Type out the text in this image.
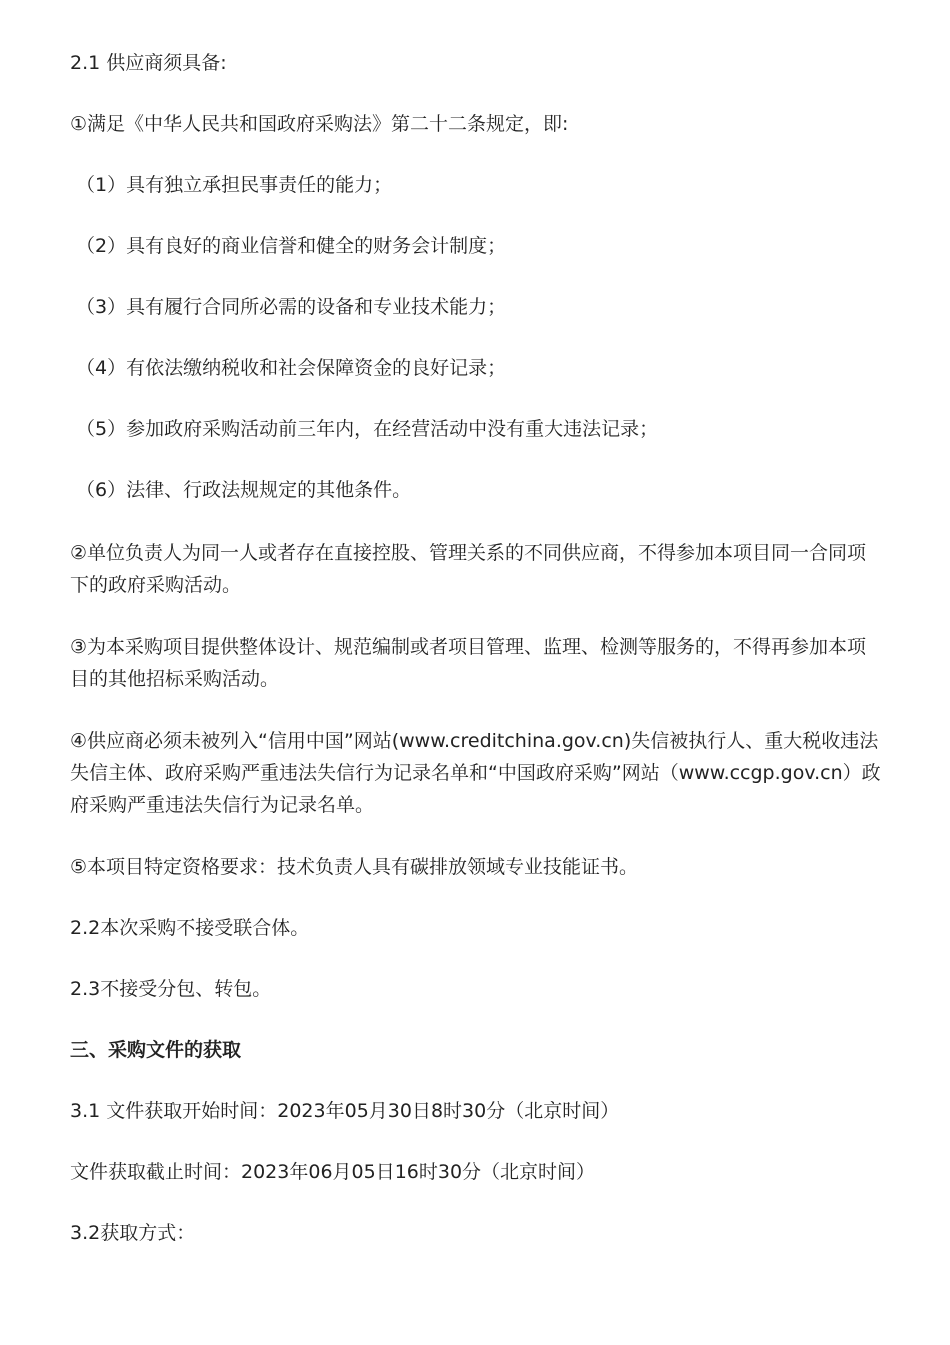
2.1 供应商须具备:

①满足《中华人民共和国政府采购法》第二十二条规定，即:

（1）具有独立承担民事责任的能力；

（2）具有良好的商业信誉和健全的财务会计制度；

（3）具有履行合同所必需的设备和专业技术能力；

（4）有依法缴纳税收和社会保障资金的良好记录；

（5）参加政府采购活动前三年内，在经营活动中没有重大违法记录；

（6）法律、行政法规规定的其他条件。

②单位负责人为同一人或者存在直接控股、管理关系的不同供应商，不得参加本项目同一合同项下的政府采购活动。

③为本采购项目提供整体设计、规范编制或者项目管理、监理、检测等服务的，不得再参加本项目的其他招标采购活动。

④供应商必须未被列入“信用中国”网站(www.creditchina.gov.cn)失信被执行人、重大税收违法失信主体、政府采购严重违法失信行为记录名单和“中国政府采购”网站（www.ccgp.gov.cn）政府采购严重违法失信行为记录名单。

⑤本项目特定资格要求：技术负责人具有碳排放领域专业技能证书。

2.2本次采购不接受联合体。

2.3不接受分包、转包。

三、采购文件的获取

3.1 文件获取开始时间：2023年05月30日8时30分（北京时间）

文件获取截止时间：2023年06月05日16时30分（北京时间）

3.2获取方式：
